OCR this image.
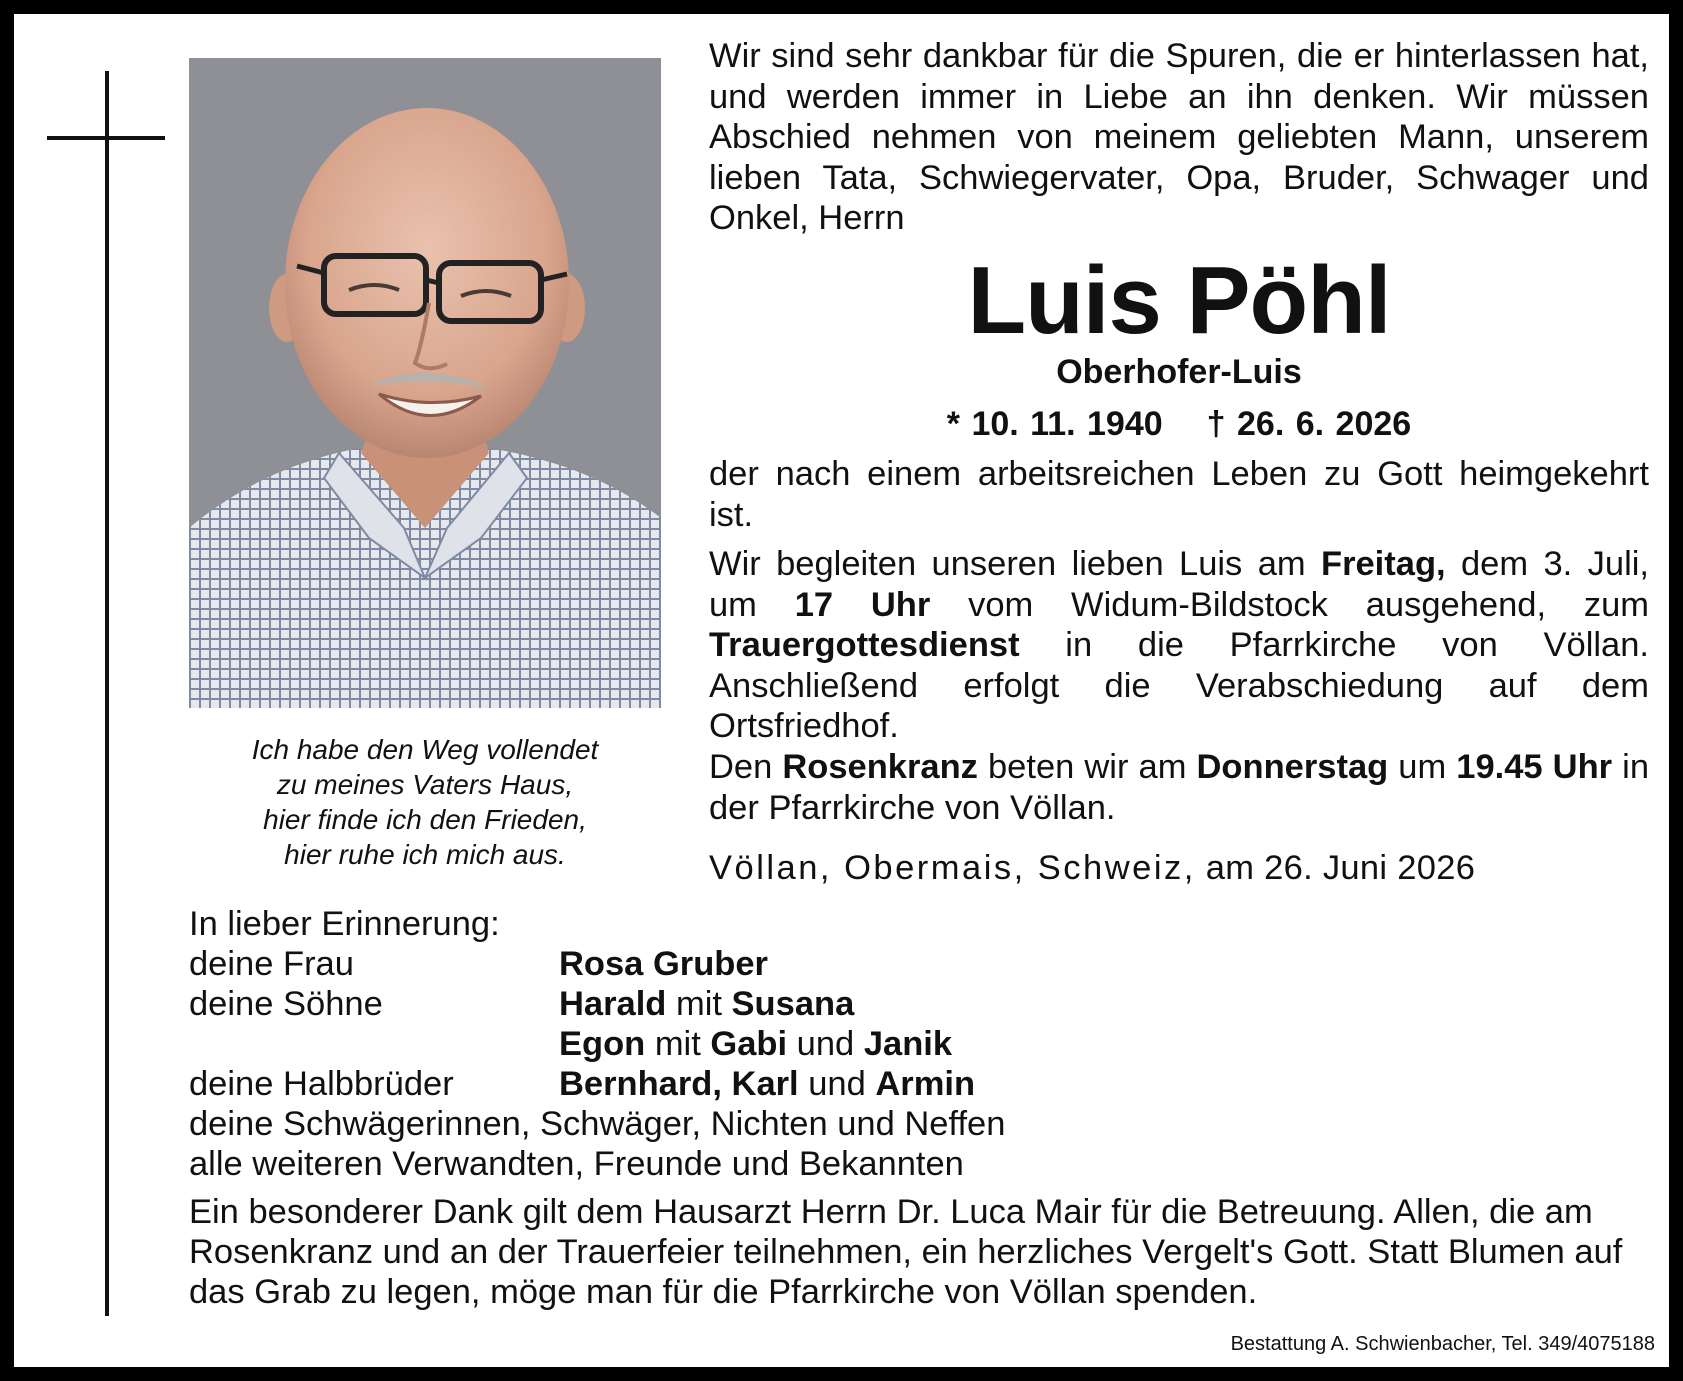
Ich habe den Weg vollendet
zu meines Vaters Haus,
hier finde ich den Frieden,
hier ruhe ich mich aus.
Wir sind sehr dankbar für die Spuren, die er hinterlassen hat, und werden immer in Liebe an ihn denken. Wir müssen Abschied nehmen von meinem geliebten Mann, unserem lieben Tata, Schwiegervater, Opa, Bruder, Schwager und Onkel, Herrn
Luis Pöhl
Oberhofer-Luis
* 10. 11. 1940 † 26. 6. 2026
der nach einem arbeitsreichen Leben zu Gott heimgekehrt ist.
Wir begleiten unseren lieben Luis am Freitag, dem 3. Juli, um 17 Uhr vom Widum-Bildstock ausgehend, zum Trauergottesdienst in die Pfarrkirche von Völlan. Anschließend erfolgt die Verabschiedung auf dem Ortsfriedhof.
Den Rosenkranz beten wir am Donnerstag um 19.45 Uhr in der Pfarrkirche von Völlan.
Völlan, Obermais, Schweiz, am 26. Juni 2026
In lieber Erinnerung:
deine Frau	Rosa Gruber
deine Söhne	Harald mit Susana
Egon mit Gabi und Janik
deine Halbbrüder	Bernhard, Karl und Armin
deine Schwägerinnen, Schwäger, Nichten und Neffen
alle weiteren Verwandten, Freunde und Bekannten
Ein besonderer Dank gilt dem Hausarzt Herrn Dr. Luca Mair für die Betreuung. Allen, die am Rosenkranz und an der Trauerfeier teilnehmen, ein herzliches Vergelt's Gott. Statt Blumen auf das Grab zu legen, möge man für die Pfarrkirche von Völlan spenden.
Bestattung A. Schwienbacher, Tel. 349/4075188
